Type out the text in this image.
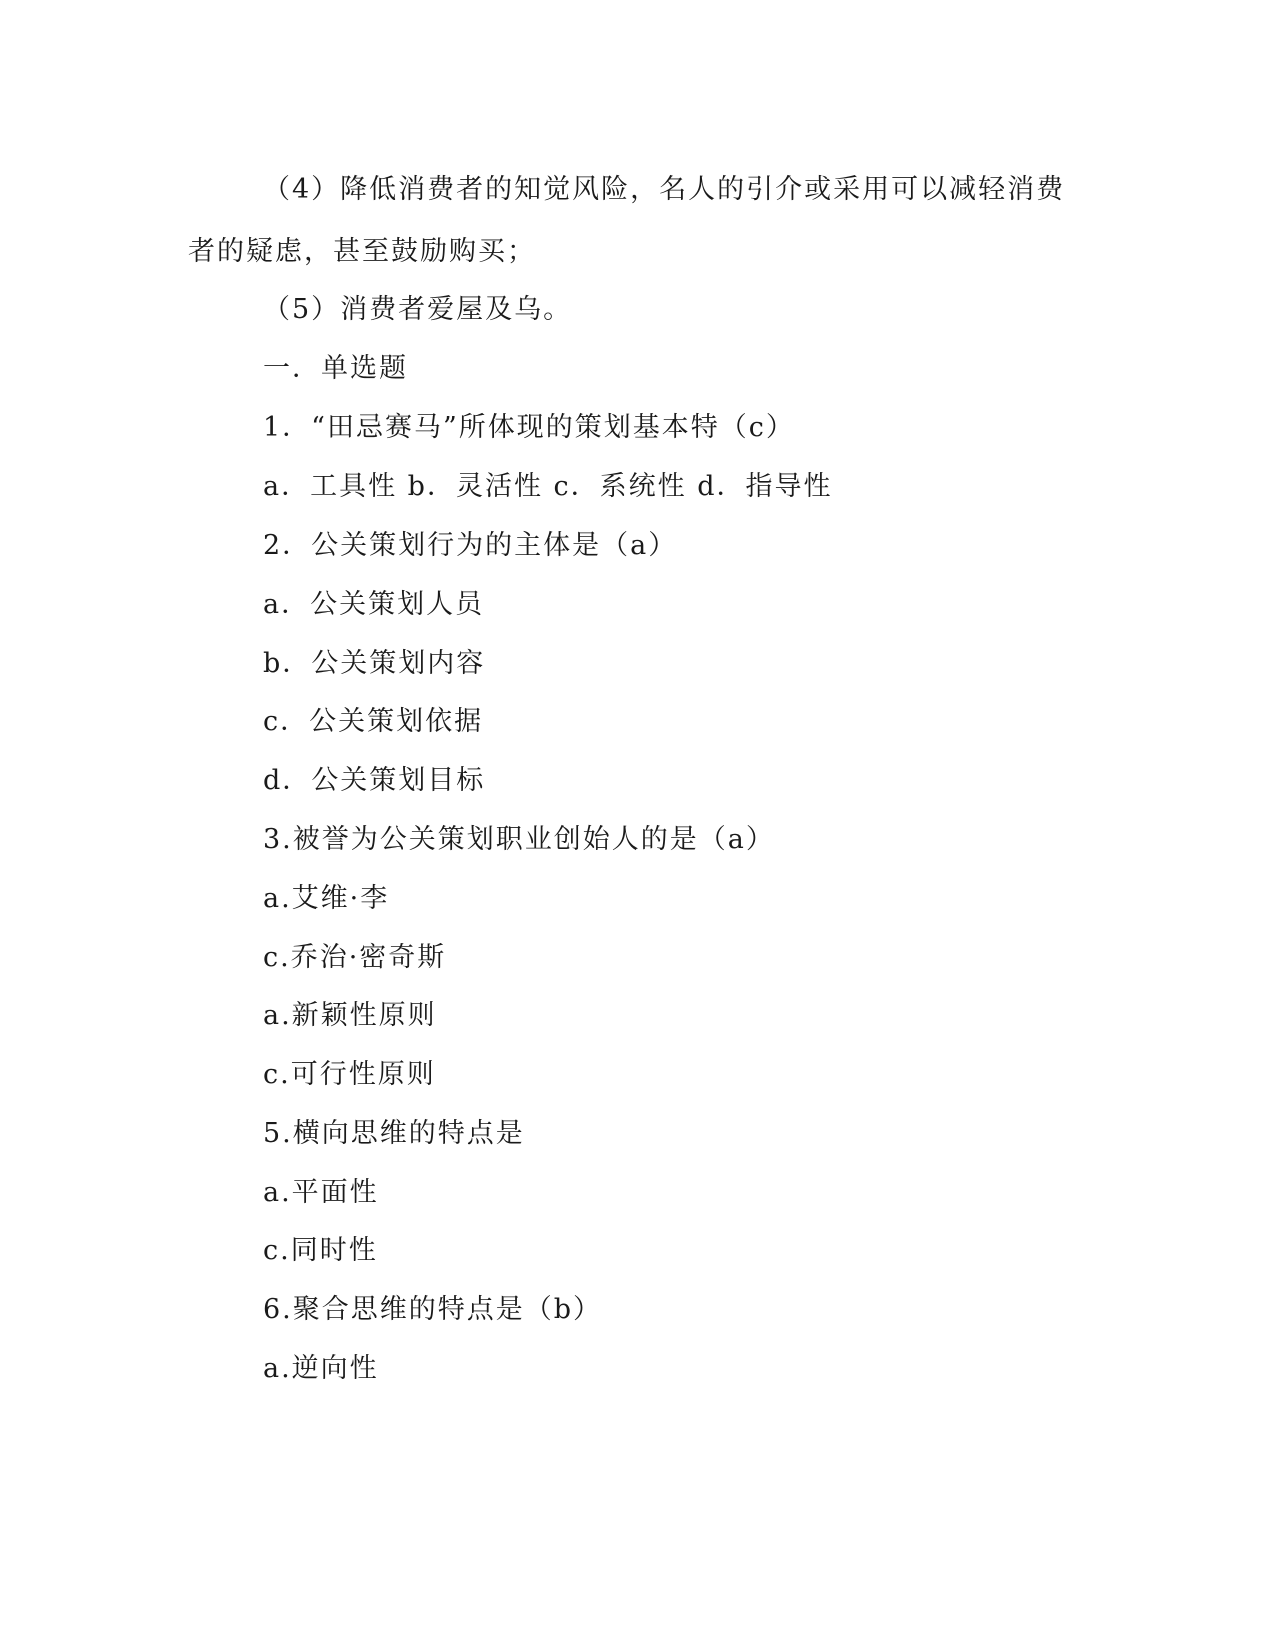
（4）降低消费者的知觉风险，名人的引介或采用可以减轻消费
者的疑虑，甚至鼓励购买；
（5）消费者爱屋及乌。
一．单选题
1．“田忌赛马”所体现的策划基本特（c）
a．工具性 b．灵活性 c．系统性 d．指导性
2．公关策划行为的主体是（a）
a．公关策划人员
b．公关策划内容
c．公关策划依据
d．公关策划目标
3.被誉为公关策划职业创始人的是（a）
a.艾维·李
c.乔治·密奇斯
a.新颖性原则
c.可行性原则
5.横向思维的特点是
a.平面性
c.同时性
6.聚合思维的特点是（b）
a.逆向性
